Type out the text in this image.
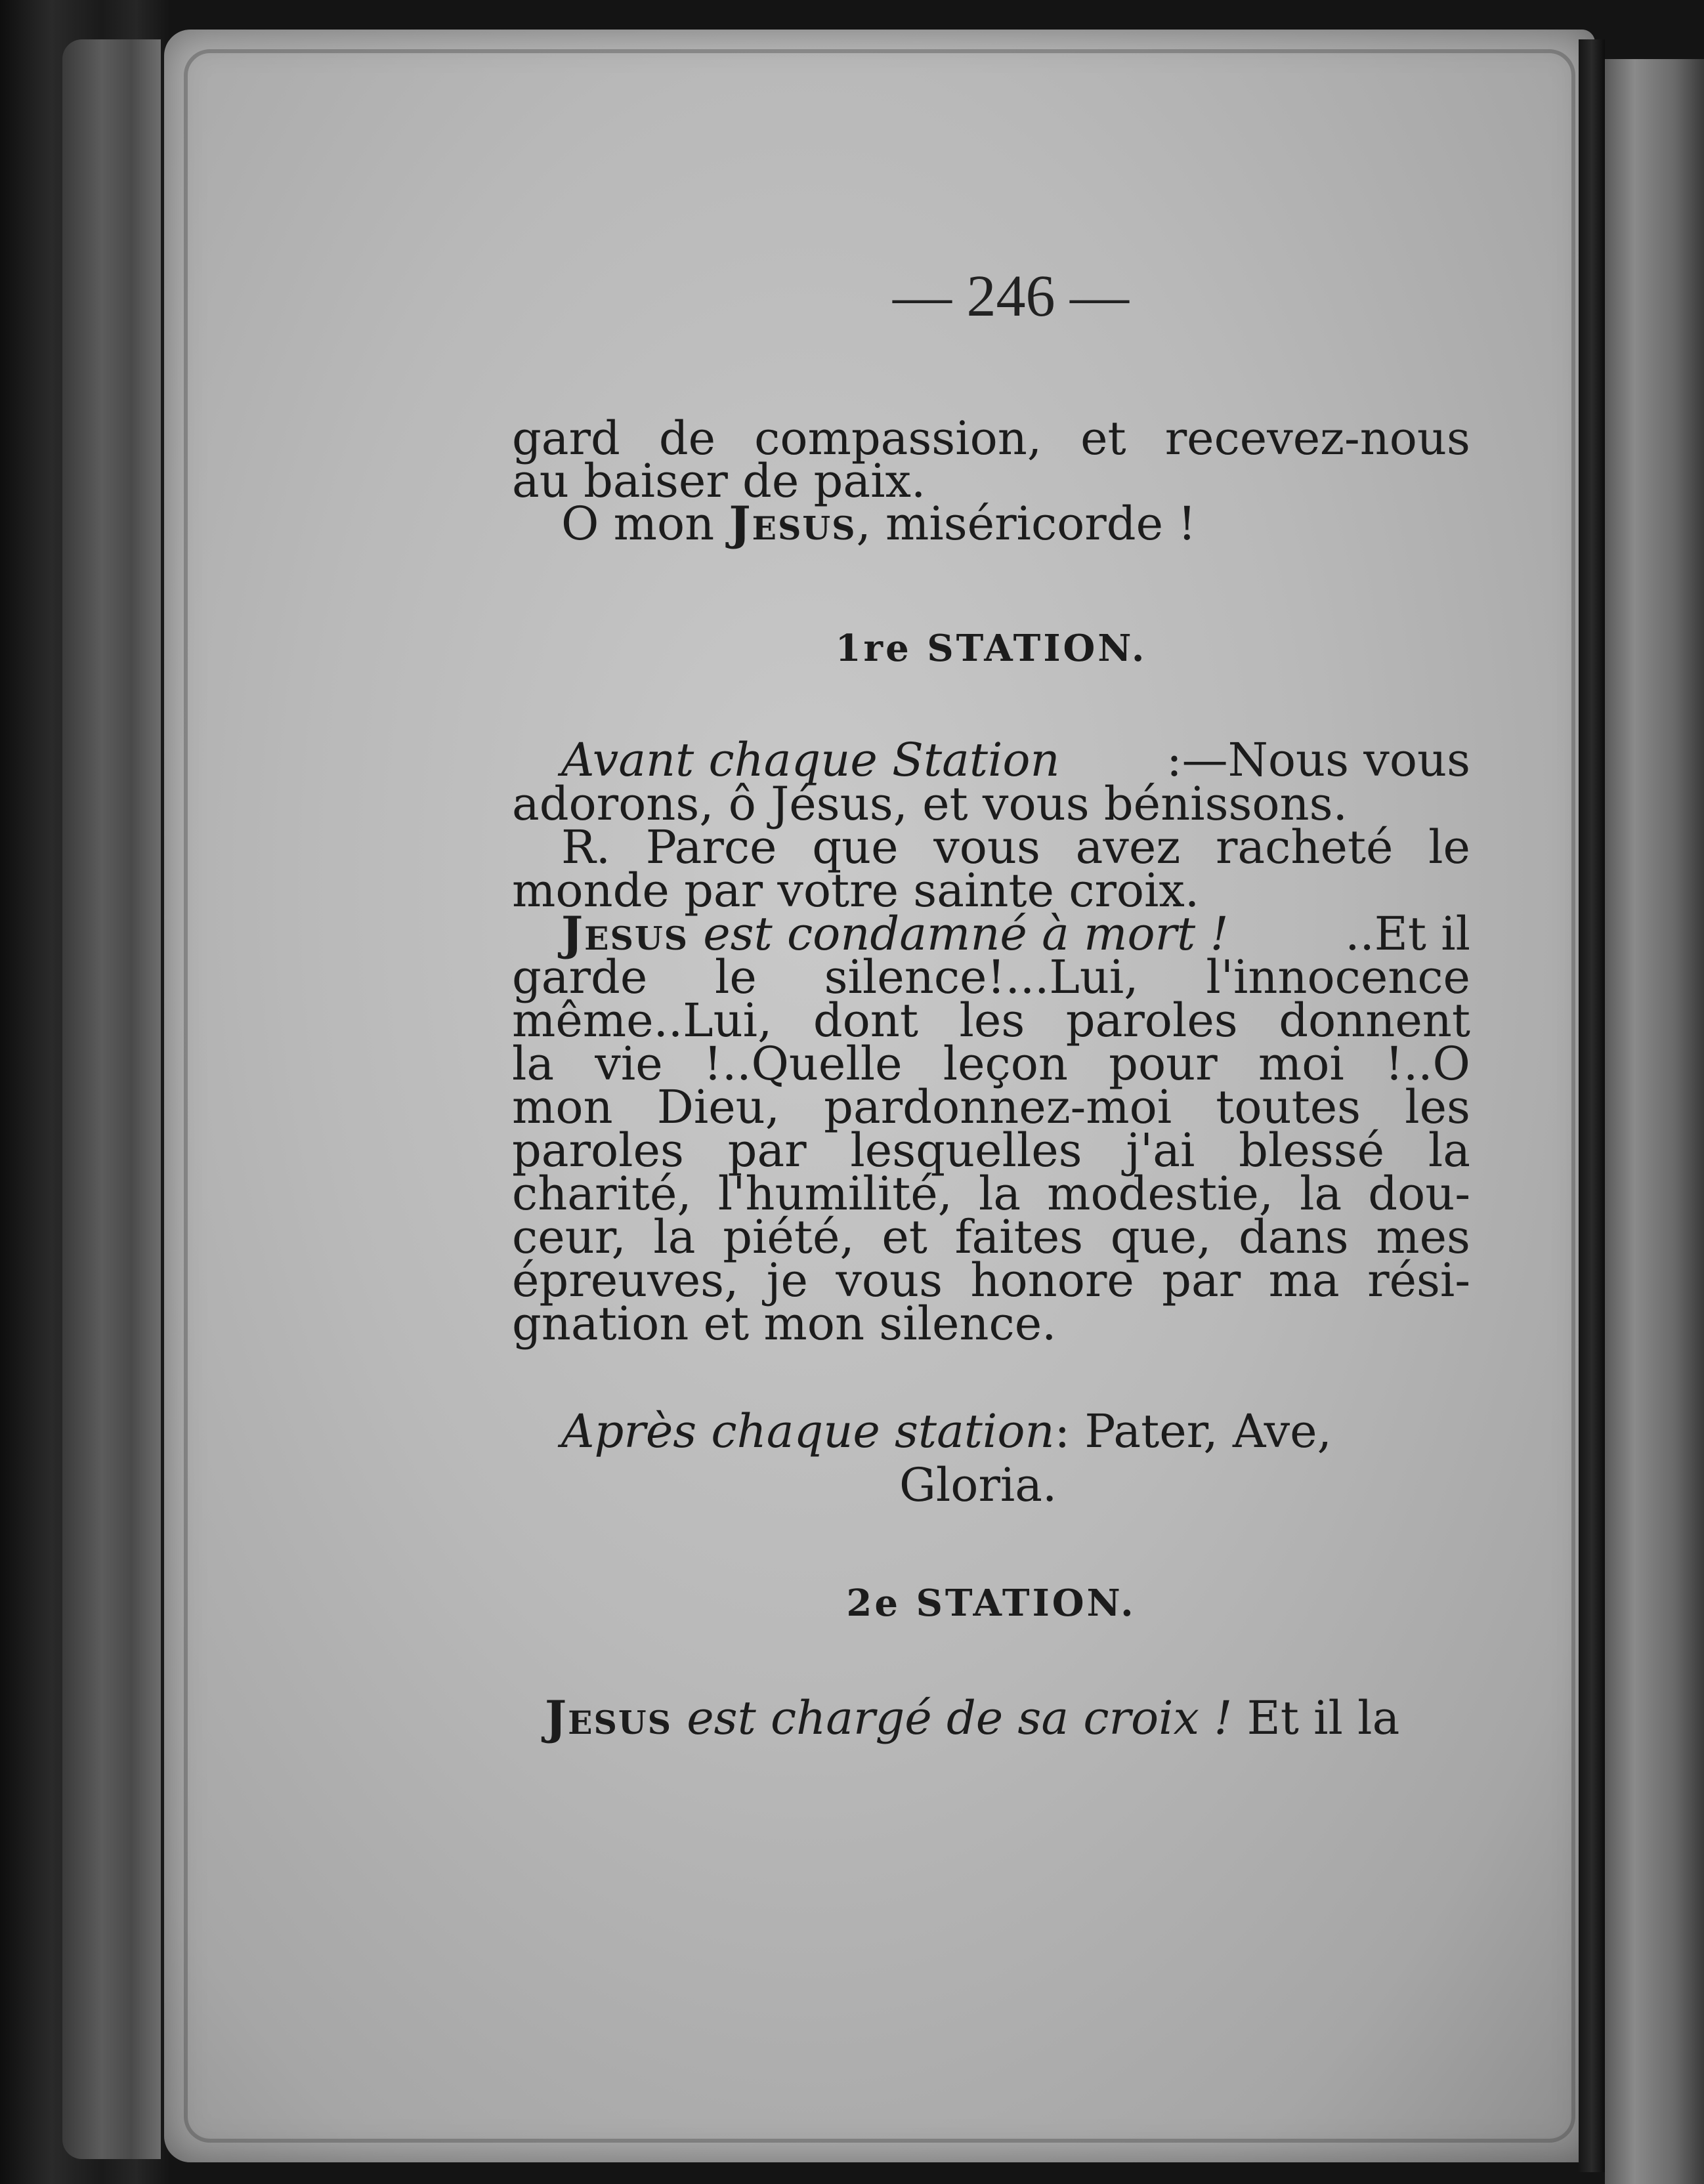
— 246 —
gard de compassion, et recevez-nous
au baiser de paix.
O mon Jesus, miséricorde !
1re STATION.
Avant chaque Station :—Nous vous
adorons, ô Jésus, et vous bénissons.
R. Parce que vous avez racheté le
monde par votre sainte croix.
Jesus est condamné à mort !	..Et il
garde le silence!...Lui, l'innocence
même..Lui, dont les paroles donnent
la vie !..Quelle leçon pour moi !..O
mon Dieu, pardonnez-moi toutes les
paroles par lesquelles j'ai blessé la
charité, l'humilité, la modestie, la dou-
ceur, la piété, et faites que, dans mes
épreuves, je vous honore par ma rési-
gnation et mon silence.
Après chaque station: Pater, Ave,
Gloria.
2e STATION.
Jesus est chargé de sa croix ! Et il la
